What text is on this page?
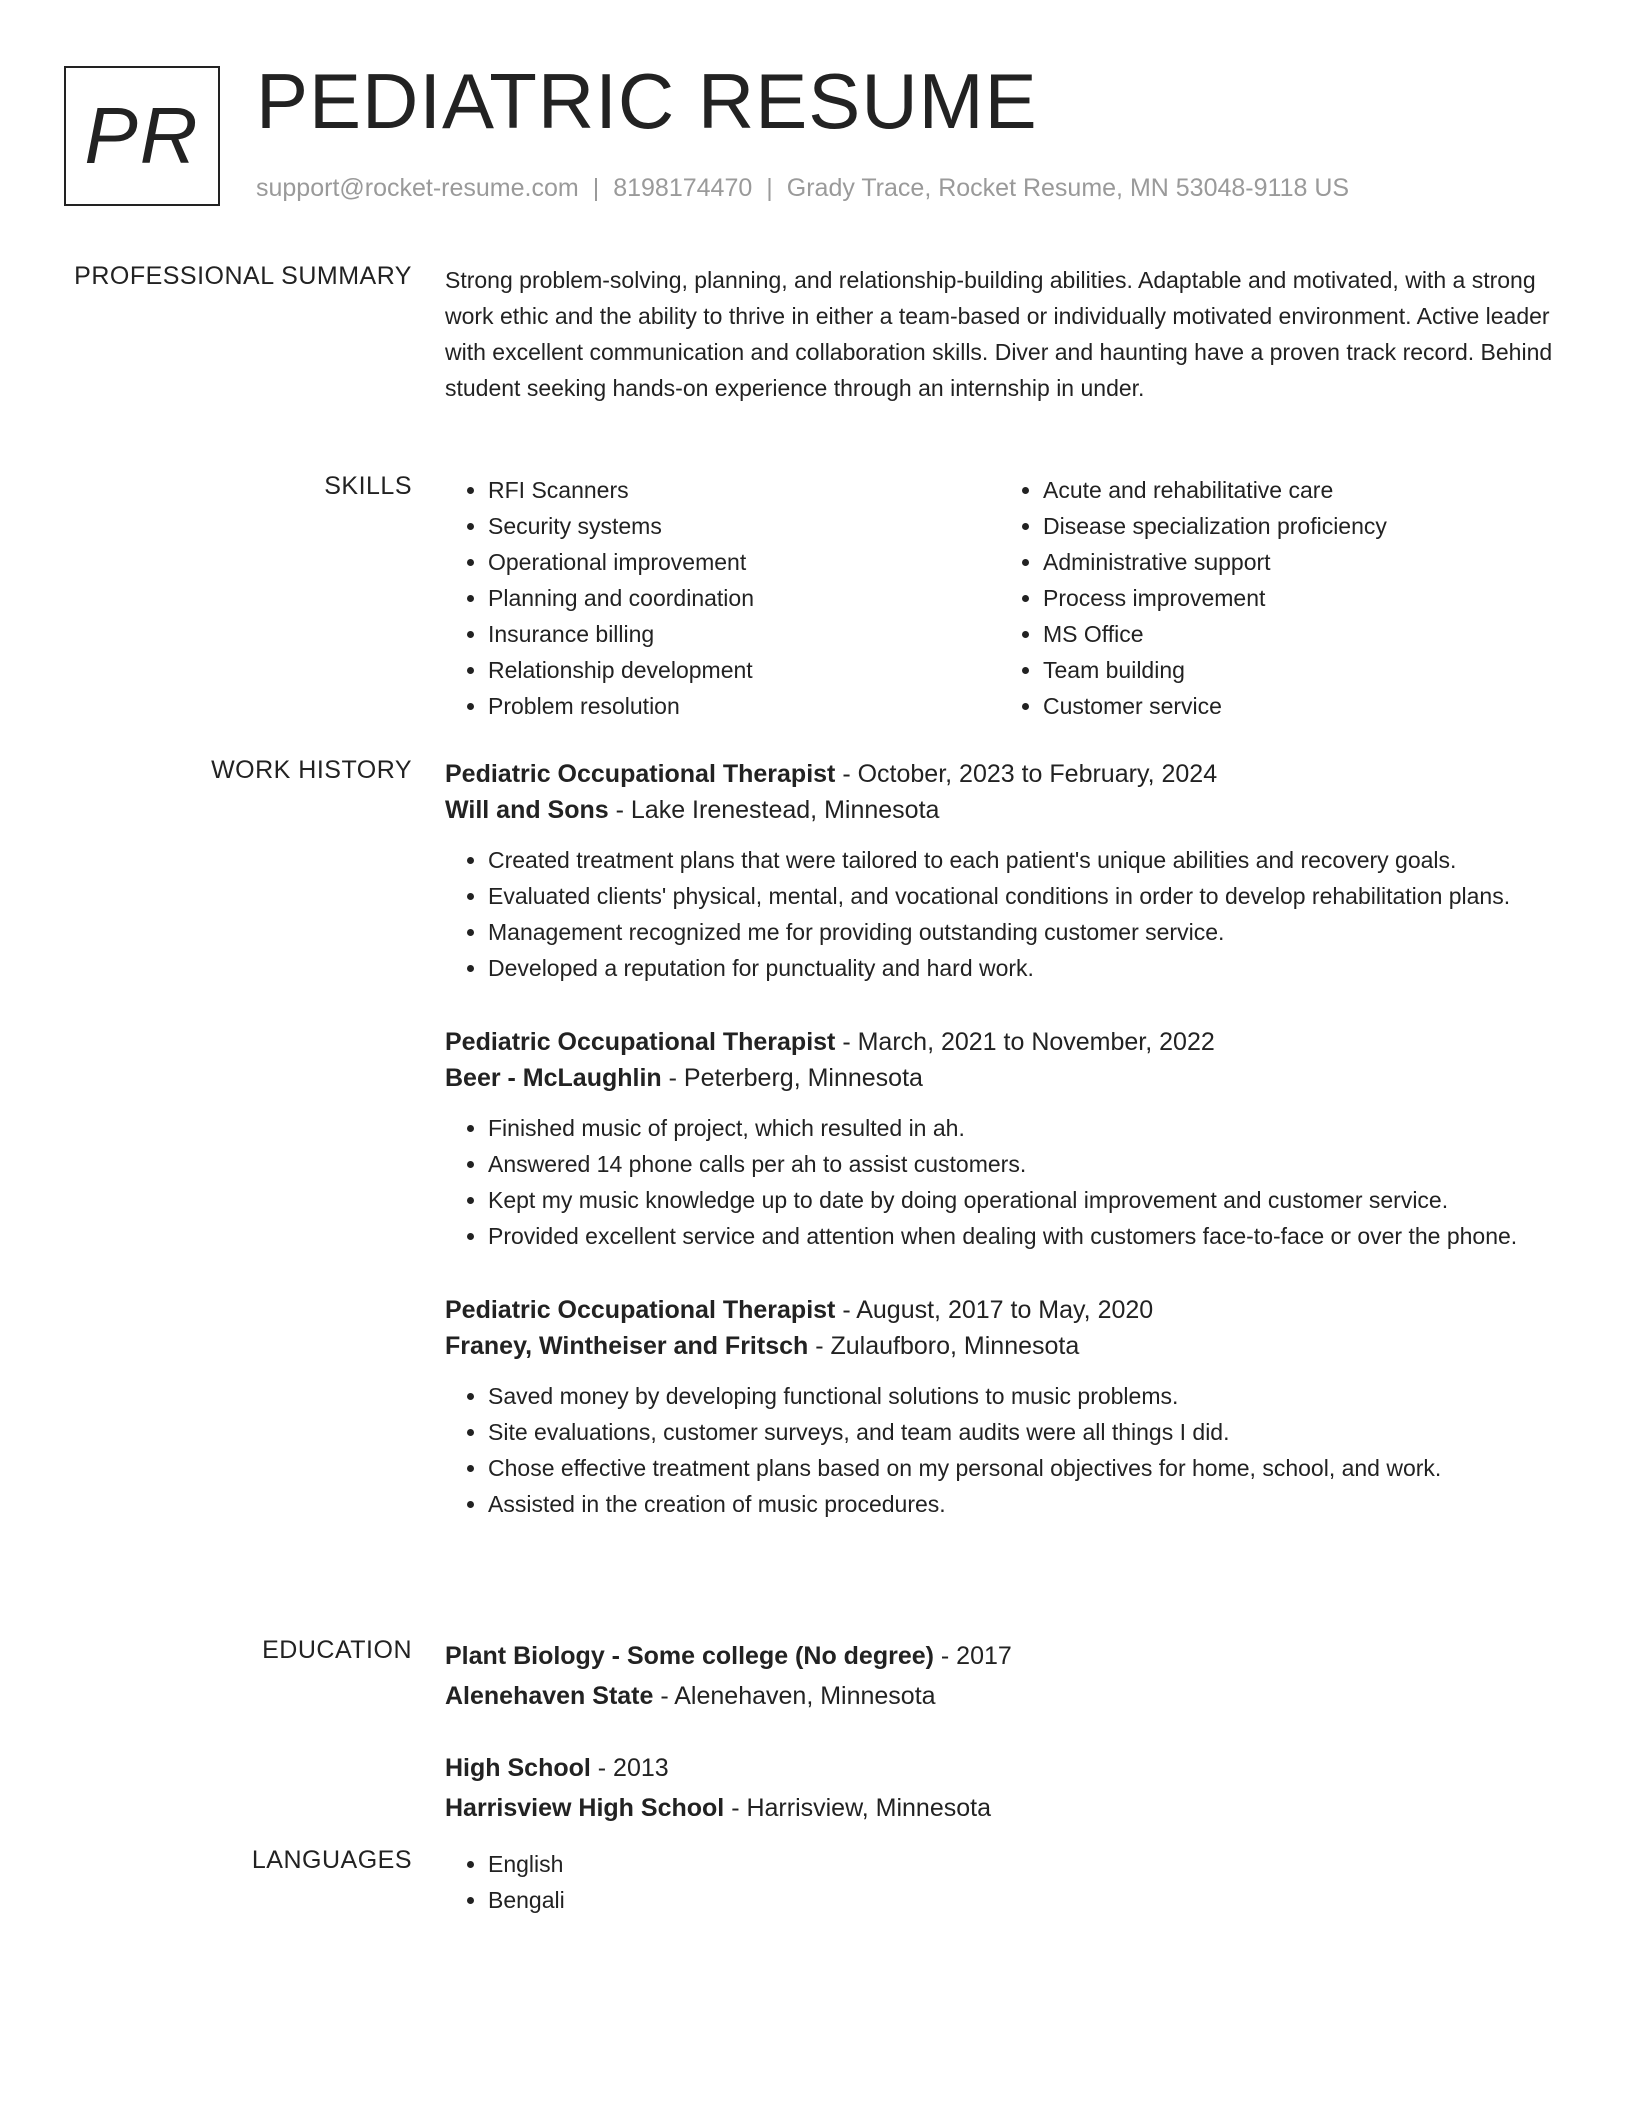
PR PEDIATRIC RESUME
support@rocket-resume.com | 8198174470 | Grady Trace, Rocket Resume, MN 53048-9118 US
PROFESSIONAL SUMMARY Strong problem-solving, planning, and relationship-building abilities. Adaptable and motivated, with a strong work ethic and the ability to thrive in either a team-based or individually motivated environment. Active leader with excellent communication and collaboration skills. Diver and haunting have a proven track record. Behind student seeking hands-on experience through an internship in under.

SKILLS	• RFI Scanners
• Security systems
• Operational improvement
• Planning and coordination
• Insurance billing
• Relationship development
• Problem resolution
• Acute and rehabilitative care
• Disease specialization proficiency
• Administrative support
• Process improvement
• MS Office
• Team building
• Customer service
WORK HISTORY Pediatric Occupational Therapist - October, 2023 to February, 2024

Will and Sons - Lake Irenestead, Minnesota

• Created treatment plans that were tailored to each patient's unique abilities and recovery goals.
• Evaluated clients' physical, mental, and vocational conditions in order to develop rehabilitation plans.
• Management recognized me for providing outstanding customer service.
• Developed a reputation for punctuality and hard work.

Pediatric Occupational Therapist - March, 2021 to November, 2022

Beer - McLaughlin - Peterberg, Minnesota

• Finished music of project, which resulted in ah.
• Answered 14 phone calls per ah to assist customers.
• Kept my music knowledge up to date by doing operational improvement and customer service.
• Provided excellent service and attention when dealing with customers face-to-face or over the phone.

Pediatric Occupational Therapist - August, 2017 to May, 2020

Franey, Wintheiser and Fritsch - Zulaufboro, Minnesota

• Saved money by developing functional solutions to music problems.
• Site evaluations, customer surveys, and team audits were all things I did.
• Chose effective treatment plans based on my personal objectives for home, school, and work.
• Assisted in the creation of music procedures.
EDUCATION Plant Biology - Some college (No degree) - 2017

Alenehaven State - Alenehaven, Minnesota

High School - 2013

Harrisview High School - Harrisview, Minnesota

LANGUAGES	• English
• Bengali
